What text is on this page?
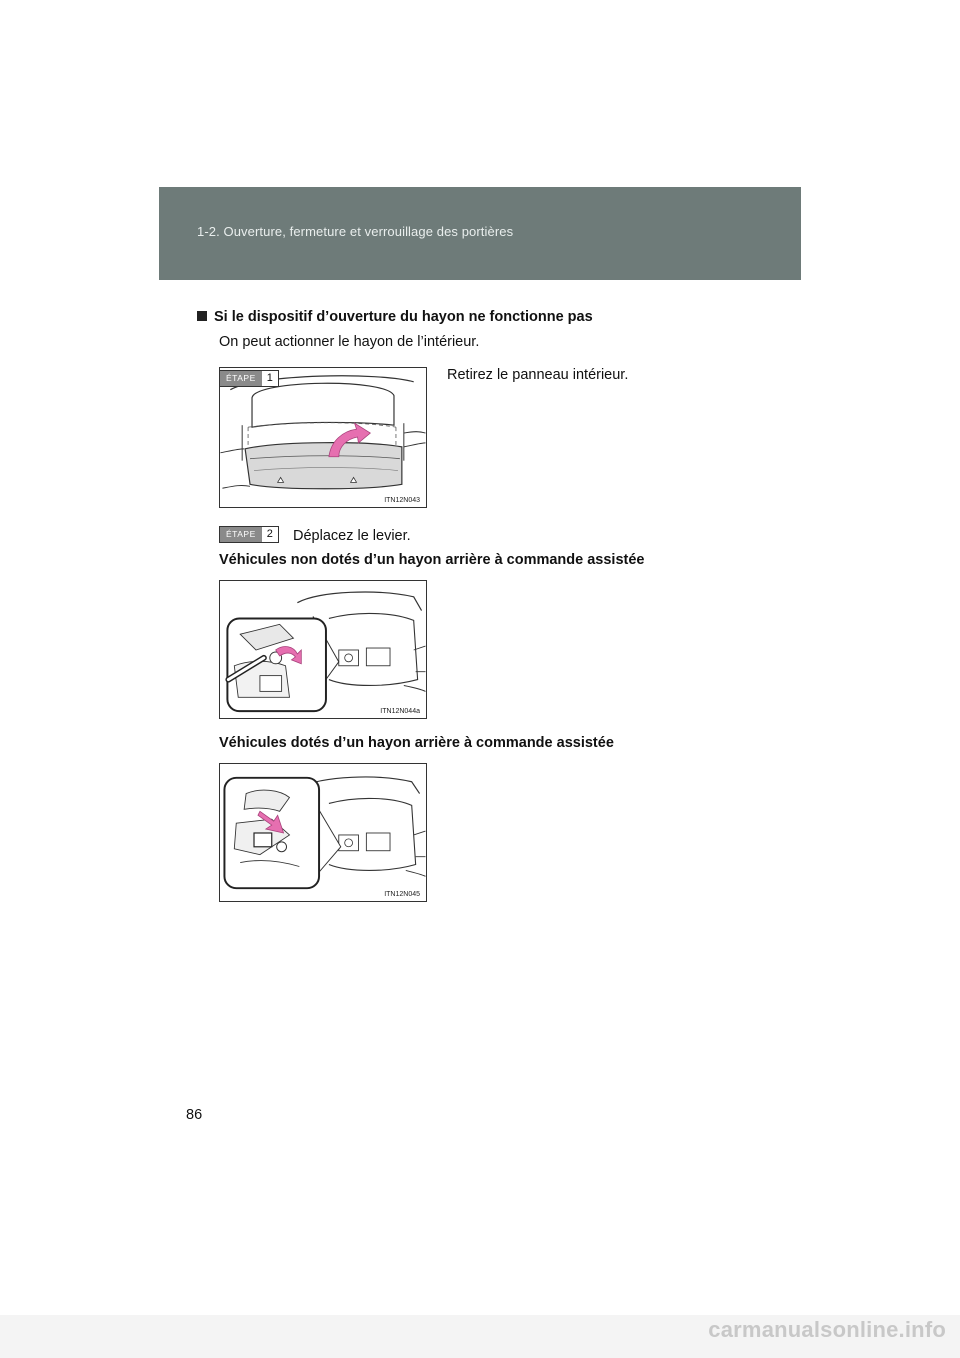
1-2. Ouverture, fermeture et verrouillage des portières
Si le dispositif d’ouverture du hayon ne fonctionne pas
On peut actionner le hayon de l’intérieur.
ITN12N043
ÉTAPE 1	Retirez le panneau intérieur.
ÉTAPE 2	Déplacez le levier.
Véhicules non dotés d’un hayon arrière à commande assistée
ITN12N044a
Véhicules dotés d’un hayon arrière à commande assistée
ITN12N045
86
carmanualsonline.info
